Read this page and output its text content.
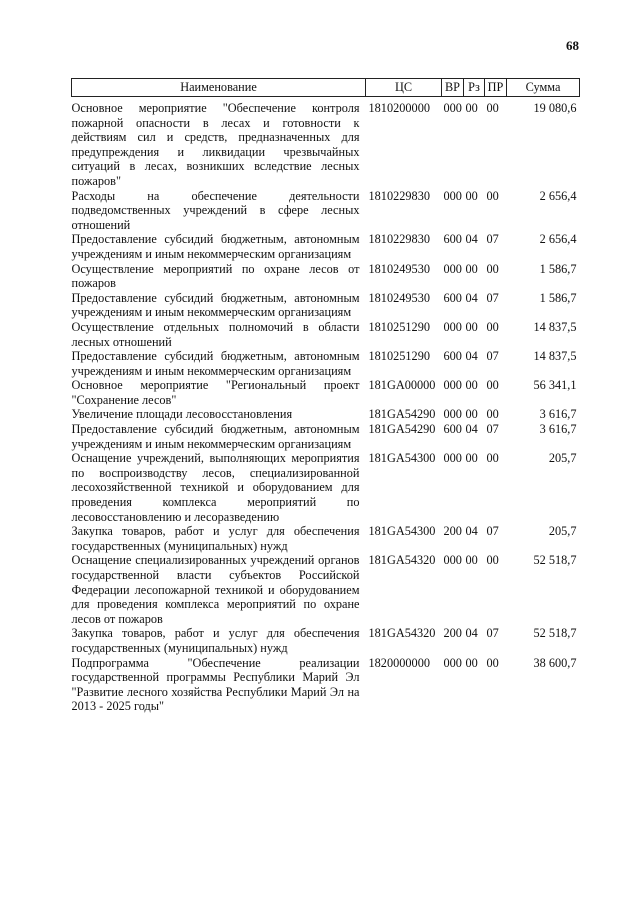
68
Наименование	ЦС	ВР	Рз	ПР	Сумма
Основное мероприятие "Обеспечение контроля пожарной опасности в лесах и готовности к действиям сил и средств, предназначенных для предупреждения и ликвидации чрезвычайных ситуаций в лесах, возникших вследствие лесных пожаров"	1810200000	000	00	00	19 080,6
Расходы на обеспечение деятельности подведомственных учреждений в сфере лесных отношений	1810229830	000	00	00	2 656,4
Предоставление субсидий бюджетным, автономным учреждениям и иным некоммерческим организациям	1810229830	600	04	07	2 656,4
Осуществление мероприятий по охране лесов от пожаров	1810249530	000	00	00	1 586,7
Предоставление субсидий бюджетным, автономным учреждениям и иным некоммерческим организациям	1810249530	600	04	07	1 586,7
Осуществление отдельных полномочий в области лесных отношений	1810251290	000	00	00	14 837,5
Предоставление субсидий бюджетным, автономным учреждениям и иным некоммерческим организациям	1810251290	600	04	07	14 837,5
Основное мероприятие "Региональный проект "Сохранение лесов"	181GA00000	000	00	00	56 341,1
Увеличение площади лесовосстановления	181GA54290	000	00	00	3 616,7
Предоставление субсидий бюджетным, автономным учреждениям и иным некоммерческим организациям	181GA54290	600	04	07	3 616,7
Оснащение учреждений, выполняющих мероприятия по воспроизводству лесов, специализированной лесохозяйственной техникой и оборудованием для проведения комплекса мероприятий по лесовосстановлению и лесоразведению	181GA54300	000	00	00	205,7
Закупка товаров, работ и услуг для обеспечения государственных (муниципальных) нужд	181GA54300	200	04	07	205,7
Оснащение специализированных учреждений органов государственной власти субъектов Российской Федерации лесопожарной техникой и оборудованием для проведения комплекса мероприятий по охране лесов от пожаров	181GA54320	000	00	00	52 518,7
Закупка товаров, работ и услуг для обеспечения государственных (муниципальных) нужд	181GA54320	200	04	07	52 518,7
Подпрограмма "Обеспечение реализации государственной программы Республики Марий Эл "Развитие лесного хозяйства Республики Марий Эл на 2013 - 2025 годы"	1820000000	000	00	00	38 600,7
